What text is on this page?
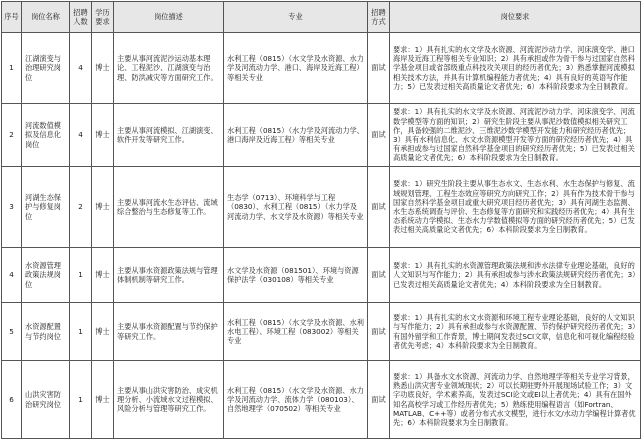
序号	岗位名称	招聘人数	学历要求	岗位描述	专业	招聘方式	岗位要求
1	江湖演变与治理研究岗位	4	博士	主要从事河流泥沙运动基本理论、工程泥沙、江湖演变与治理、防洪减灾等方面研究工作。	水利工程（0815）（水文学及水资源、水力学及河流动力学、港口、海岸及近海工程）等相关专业	面试	要求：1）具有扎实的水文学及水资源、河流泥沙动力学、河床演变学、港口海岸及近海工程等相关专业知识；2）具有承担或作为骨干参与过国家自然科学基金项目或省部级重点科技攻关项目的经历者优先；3）熟悉掌握河流模拟相关技术方法，并具有计算机编程能力者优先；4）具有良好的英语写作能力；5）已发表过相关高质量论文者优先；6）本科阶段要求为全日制教育。
2	河流数值模拟及信息化岗位	4	博士	主要从事河流模拟、江湖演变、软件开发等研究工作。	水利工程（0815）（水力学及河流动力学、港口海岸及近海工程）等相关专业	面试	要求：1）具有扎实的水文学及水资源、河流泥沙动力学、河床演变学、河流数学模型等方面的知识；2）研究生阶段主要从事泥沙数值模拟相关研究工作，具备较强的二维泥沙、三维泥沙数学模型开发能力和研究经历者优先；3）具有水利信息化、水文水资源模型开发等方面的研究经历者优先；4）具有承担或参与过国家自然科学基金项目的研究经历者优先；5）已发表过相关高质量论文者优先；6）本科阶段要求为全日制教育。
3	河湖生态保护与修复岗位	2	博士	主要从事河流水生态评估、流域综合整治与生态修复等工作。	生态学（0713）、环境科学与工程（0830）、水利工程（0815）（水力学及河流动力学、水文学及水资源）等相关专业	面试	要求：1）研究生阶段主要从事生态水文、生态水利、水生态保护与修复、流域规划管理、工程生态效应等研究方向研究工作；2）具有作为技术骨干参与国家自然科学基金项目或重大研究项目经历者优先；3）具有河湖生态监测、水生态系统调查与评价、生态修复等方面研究和实践经历者优先；4）具有生态系统动力学模拟、生态水力学数值模拟等方面的研究经历者优先；5）已发表过相关高质量论文者优先；6）本科阶段要求为全日制教育。
4	水资源管理政策法规岗位	1	博士	主要从事水资源政策法规与管理体制机制等研究工作。	水文学及水资源（081501）、环境与资源保护法学（030108）等相关专业	面试	要求：1）具有扎实的水资源管理政策法规和涉水法律专业理论基础，良好的人文知识与写作能力；2）具有承担或参与涉水政策法规研究经历者优先；3）已发表过相关高质量论文者优先；4）本科阶段要求为全日制教育。
5	水资源配置与节约岗位	1	博士	主要从事水资源配置与节约保护等研究工作。	水利工程（0815）（水文学及水资源、水利水电工程）、环境工程（083002）等相关专业	面试	要求：1）具有扎实的水文水资源和环境工程专业理论基础，良好的人文知识与写作能力；2）具有承担或参与水资源配置、节约保护研究经历者优先；3）有国外留学和工作背景，博士期间发表过SCI文章，信息化和可视化编程经验者优先考虑；4）本科阶段要求为全日制教育。
6	山洪灾害防治研究岗位	1	博士	主要从事山洪灾害防治、成灾机理分析、小流域水文过程模拟、风险分析与管理等研究工作。	水利工程（0815）（水文学及水资源、水力学及河流动力学、流体力学（080103）、自然地理学（070502）等相关专业	面试	要求：1）具备水文水资源、河流动力学、自然地理学等相关专业学习背景，熟悉山洪灾害专业领域现状；2）可以长期驻野外开展现场试验工作；3）文字功底良好，学术素养高，发表过SCI论文或EI以上者优先；4）具有在国外知名高校学习或工作经历者优先；5）熟练使用编程语言（如Fortran、MATLAB、C++等）或者分布式水文模型，进行水文/水动力学编程计算者优先；6）本科阶段要求为全日制教育。
